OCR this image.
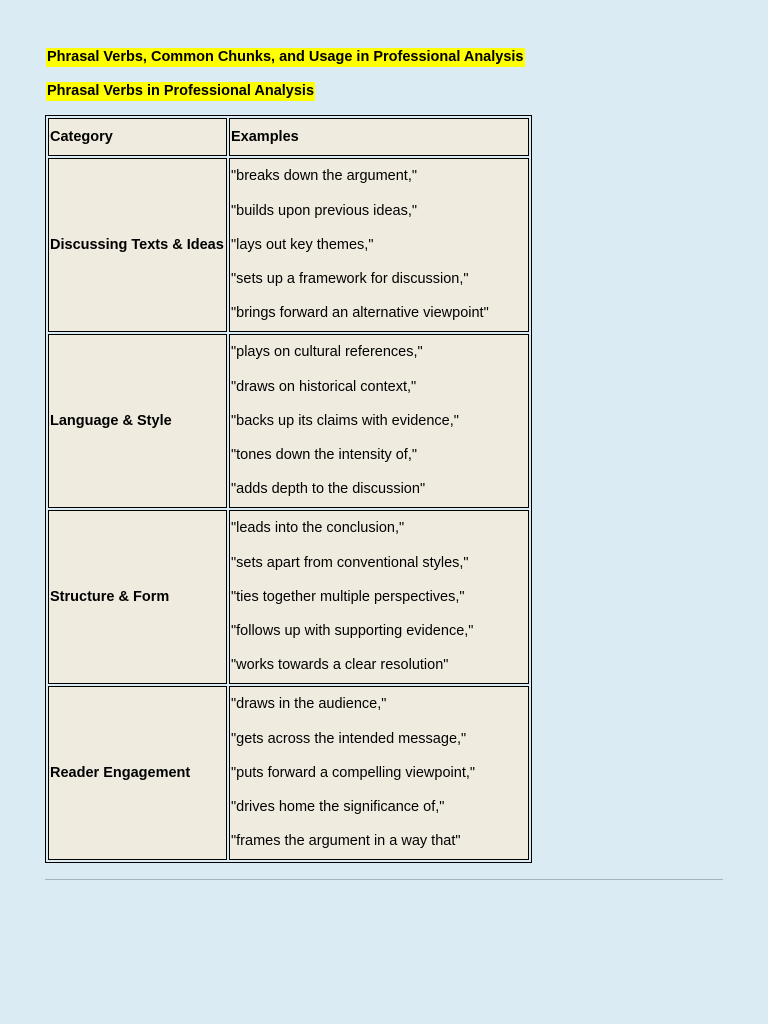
Phrasal Verbs, Common Chunks, and Usage in Professional Analysis
Phrasal Verbs in Professional Analysis
Category	Examples
Discussing Texts & Ideas	"breaks down the argument,"
"builds upon previous ideas,"
"lays out key themes,"
"sets up a framework for discussion,"
"brings forward an alternative viewpoint"

Language & Style	"plays on cultural references,"
"draws on historical context,"
"backs up its claims with evidence,"
"tones down the intensity of,"
"adds depth to the discussion"

Structure & Form	"leads into the conclusion,"
"sets apart from conventional styles,"
"ties together multiple perspectives,"
"follows up with supporting evidence,"
"works towards a clear resolution"

Reader Engagement	"draws in the audience,"
"gets across the intended message,"
"puts forward a compelling viewpoint,"
"drives home the significance of,"
"frames the argument in a way that"
